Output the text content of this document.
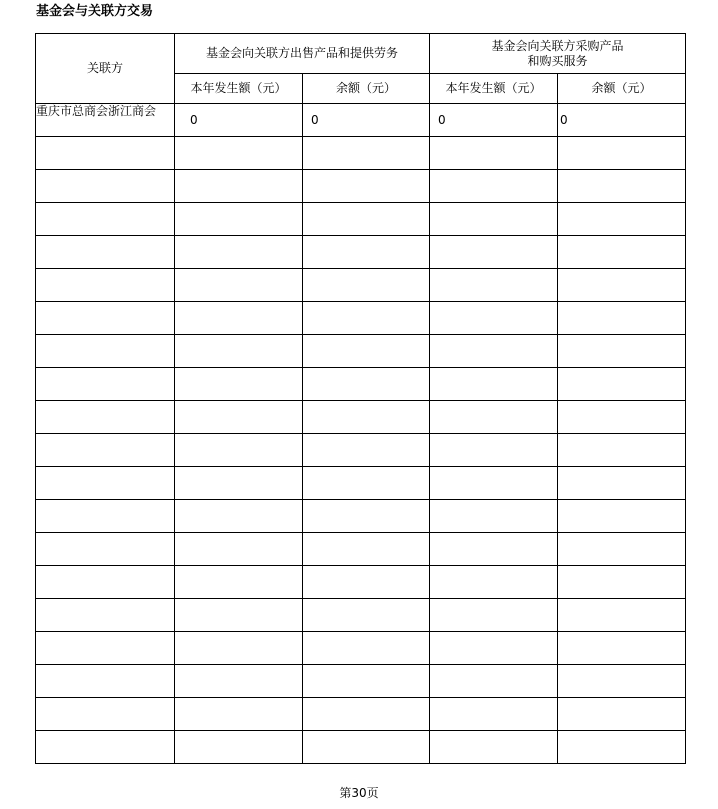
基金会与关联方交易
关联方	基金会向关联方出售产品和提供劳务		基金会向关联方采购产品
和购买服务	

	本年发生额（元）	余额（元）	本年发生额（元）	余额（元）
重庆市总商会浙江商会	0	0	0	0

第30页
